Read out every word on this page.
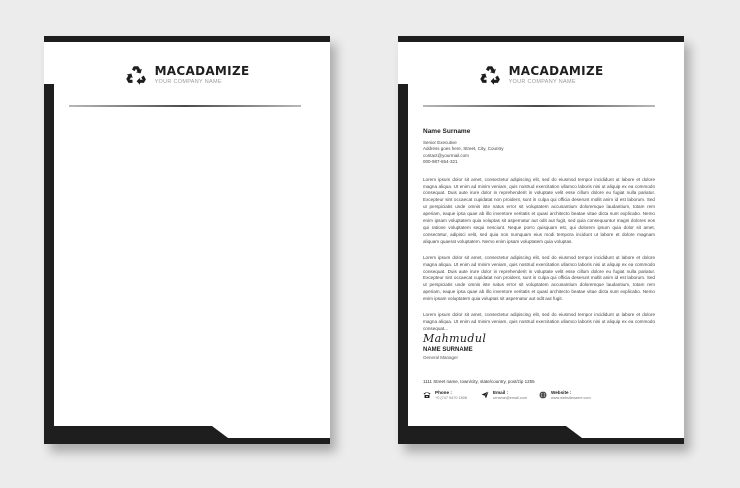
MACADAMIZE
YOUR COMPANY NAME
MACADAMIZE
YOUR COMPANY NAME
Name Surname
Senior Executive
Address goes here, Street, City, Country
contact@yourmail.com
000-987-654-321

Lorem ipsum dolor sit amet, consectetur adipiscing elit, sed do eiusmod tempor incididunt ut labore et dolore magna aliqua. Ut enim ad minim veniam, quis nostrud exercitation ullamco laboris nisi ut aliquip ex ea commodo consequat. Duis aute irure dolor in reprehenderit in voluptate velit esse cillum dolore eu fugiat nulla pariatur. Excepteur sint occaecat cupidatat non proident, sunt in culpa qui officia deserunt mollit anim id est laborum. Sed ut perspiciatis unde omnis iste natus error sit voluptatem accusantium doloremque laudantium, totam rem aperiam, eaque ipsa quae ab illo inventore veritatis et quasi architecto beatae vitae dicta sunt explicabo. Nemo enim ipsam voluptatem quia voluptas sit aspernatur aut odit aut fugit, sed quia consequuntur magni dolores eos qui ratione voluptatem sequi nesciunt. Neque porro quisquam est, qui dolorem ipsum quia dolor sit amet, consectetur, adipisci velit, sed quia non numquam eius modi tempora incidunt ut labore et dolore magnam aliquam quaerat voluptatem. Nemo enim ipsam voluptatem quia voluptas.

Lorem ipsum dolor sit amet, consectetur adipiscing elit, sed do eiusmod tempor incididunt ut labore et dolore magna aliqua. Ut enim ad minim veniam, quis nostrud exercitation ullamco laboris nisi ut aliquip ex ea commodo consequat. Duis aute irure dolor in reprehenderit in voluptate velit esse cillum dolore eu fugiat nulla pariatur. Excepteur sint occaecat cupidatat non proident, sunt in culpa qui officia deserunt mollit anim id est laborum. Sed ut perspiciatis unde omnis iste natus error sit voluptatem accusantium doloremque laudantium, totam rem aperiam, eaque ipsa quae ab illo inventore veritatis et quasi architecto beatae vitae dicta sunt explicabo. Nemo enim ipsam voluptatem quia voluptas sit aspernatur aut odit aut fugit.

Lorem ipsum dolor sit amet, consectetur adipiscing elit, sed do eiusmod tempor incididunt ut labore et dolore magna aliqua. Ut enim ad minim veniam, quis nostrud exercitation ullamco laboris nisi ut aliquip ex ea commodo consequat...

Mahmudul
NAME SURNAME
General Manager
1111 Street name, town/city, state/country, post/zip 1255
Phone :
+0 (747 9470 1808
Email :
urname@email.com
Website :
www.websitename.com
